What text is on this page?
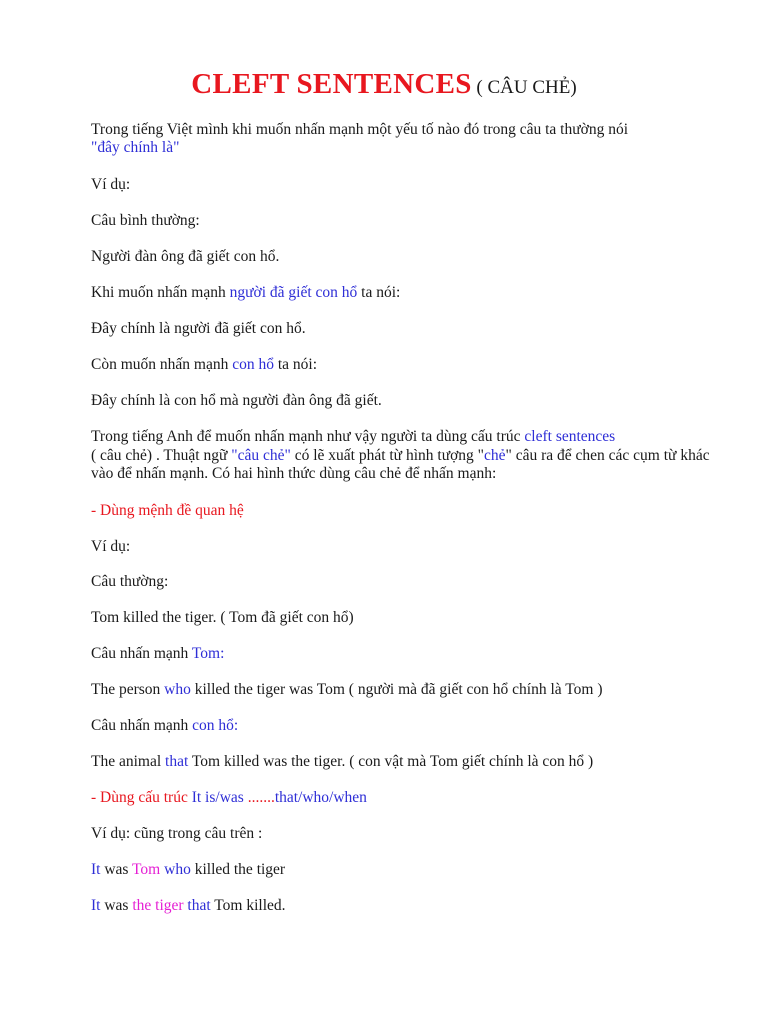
CLEFT SENTENCES ( CÂU CHẺ)
Trong tiếng Việt mình khi muốn nhấn mạnh một yếu tố nào đó trong câu ta thường nói
"đây chính là"
Ví dụ:
Câu bình thường:
Người đàn ông đã giết con hổ.
Khi muốn nhấn mạnh người đã giết con hổ ta nói:
Đây chính là người đã giết con hổ.
Còn muốn nhấn mạnh con hổ ta nói:
Đây chính là con hổ mà người đàn ông đã giết.
Trong tiếng Anh để muốn nhấn mạnh như vậy người ta dùng cấu trúc cleft sentences
( câu chẻ) . Thuật ngữ "câu chẻ" có lẽ xuất phát từ hình tượng "chẻ" câu ra để chen các cụm từ khác vào để nhấn mạnh. Có hai hình thức dùng câu chẻ để nhấn mạnh:
- Dùng mệnh đề quan hệ
Ví dụ:
Câu thường:
Tom killed the tiger. ( Tom đã giết con hổ)
Câu nhấn mạnh Tom:
The person who killed the tiger was Tom ( người mà đã giết con hổ chính là Tom )
Câu nhấn mạnh con hổ:
The animal that Tom killed was the tiger. ( con vật mà Tom giết chính là con hổ )
- Dùng cấu trúc It is/was .......that/who/when
Ví dụ: cũng trong câu trên :
It was Tom who killed the tiger
It was the tiger that Tom killed.
